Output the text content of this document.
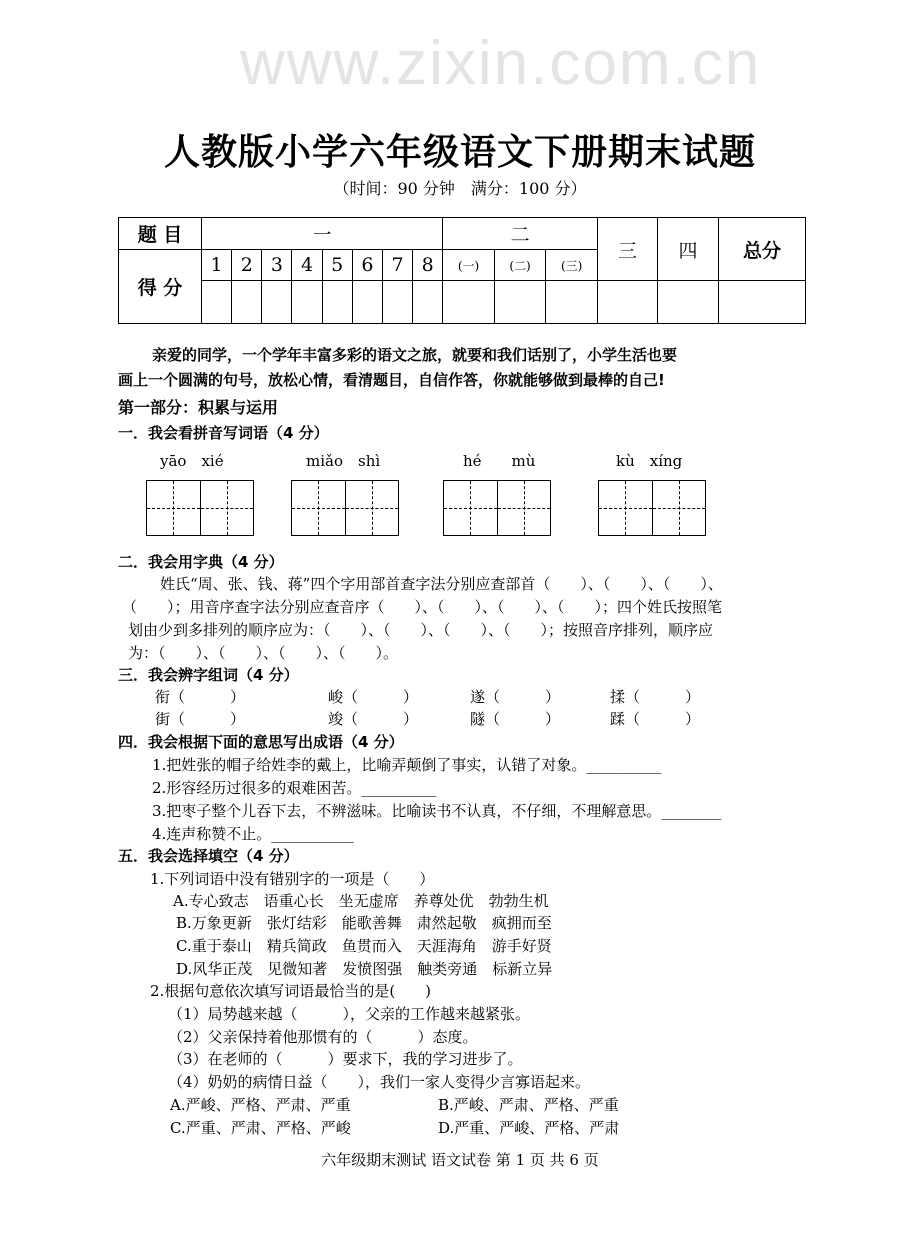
www.zixin.com.cn
人教版小学六年级语文下册期末试题
（时间：90 分钟　满分：100 分）
题 目	一								二			三	四	总分
得 分	1	2	3	4	5	6	7	8	(一)	(二)	(三)			

亲爱的同学，一个学年丰富多彩的语文之旅，就要和我们话别了，小学生活也要
画上一个圆满的句号，放松心情，看清题目，自信作答，你就能够做到最棒的自己!
第一部分：积累与运用
一．我会看拼音写词语（4 分）
yāo　xié	miǎo　shì	hé　　mù	kù　xíng
二．我会用字典（4 分）
姓氏“周、张、钱、蒋”四个字用部首查字法分别应查部首（　　）、（　　）、（　　）、
（　　）；用音序查字法分别应查音序（　　）、（　　）、（　　）、（　　）；四个姓氏按照笔
划由少到多排列的顺序应为：（　　）、（　　）、（　　）、（　　）；按照音序排列，顺序应
为：（　　）、（　　）、（　　）、（　　）。
三．我会辨字组词（4 分）
衔（　　　）	峻（　　　）	遂（　　　）	揉（　　　）
街（　　　）	竣（　　　）	隧（　　　）	蹂（　　　）
四．我会根据下面的意思写出成语（4 分）
1.把姓张的帽子给姓李的戴上，比喻弄颠倒了事实，认错了对象。__________
2.形容经历过很多的艰难困苦。__________
3.把枣子整个儿吞下去，不辨滋味。比喻读书不认真，不仔细，不理解意思。________
4.连声称赞不止。___________
五．我会选择填空（4 分）
1.下列词语中没有错别字的一项是（　　）
A.专心致志　语重心长　坐无虚席　养尊处优　勃勃生机
B.万象更新　张灯结彩　能歌善舞　肃然起敬　疯拥而至
C.重于泰山　精兵简政　鱼贯而入　天涯海角　游手好贤
D.风华正茂　见微知著　发愤图强　触类旁通　标新立异
2.根据句意依次填写词语最恰当的是(　　)
（1）局势越来越（　　　），父亲的工作越来越紧张。
（2）父亲保持着他那惯有的（　　　）态度。
（3）在老师的（　　　）要求下，我的学习进步了。
（4）奶奶的病情日益（　　），我们一家人变得少言寡语起来。
A.严峻、严格、严肃、严重	B.严峻、严肃、严格、严重
C.严重、严肃、严格、严峻	D.严重、严峻、严格、严肃
六年级期末测试 语文试卷 第 1 页 共 6 页
